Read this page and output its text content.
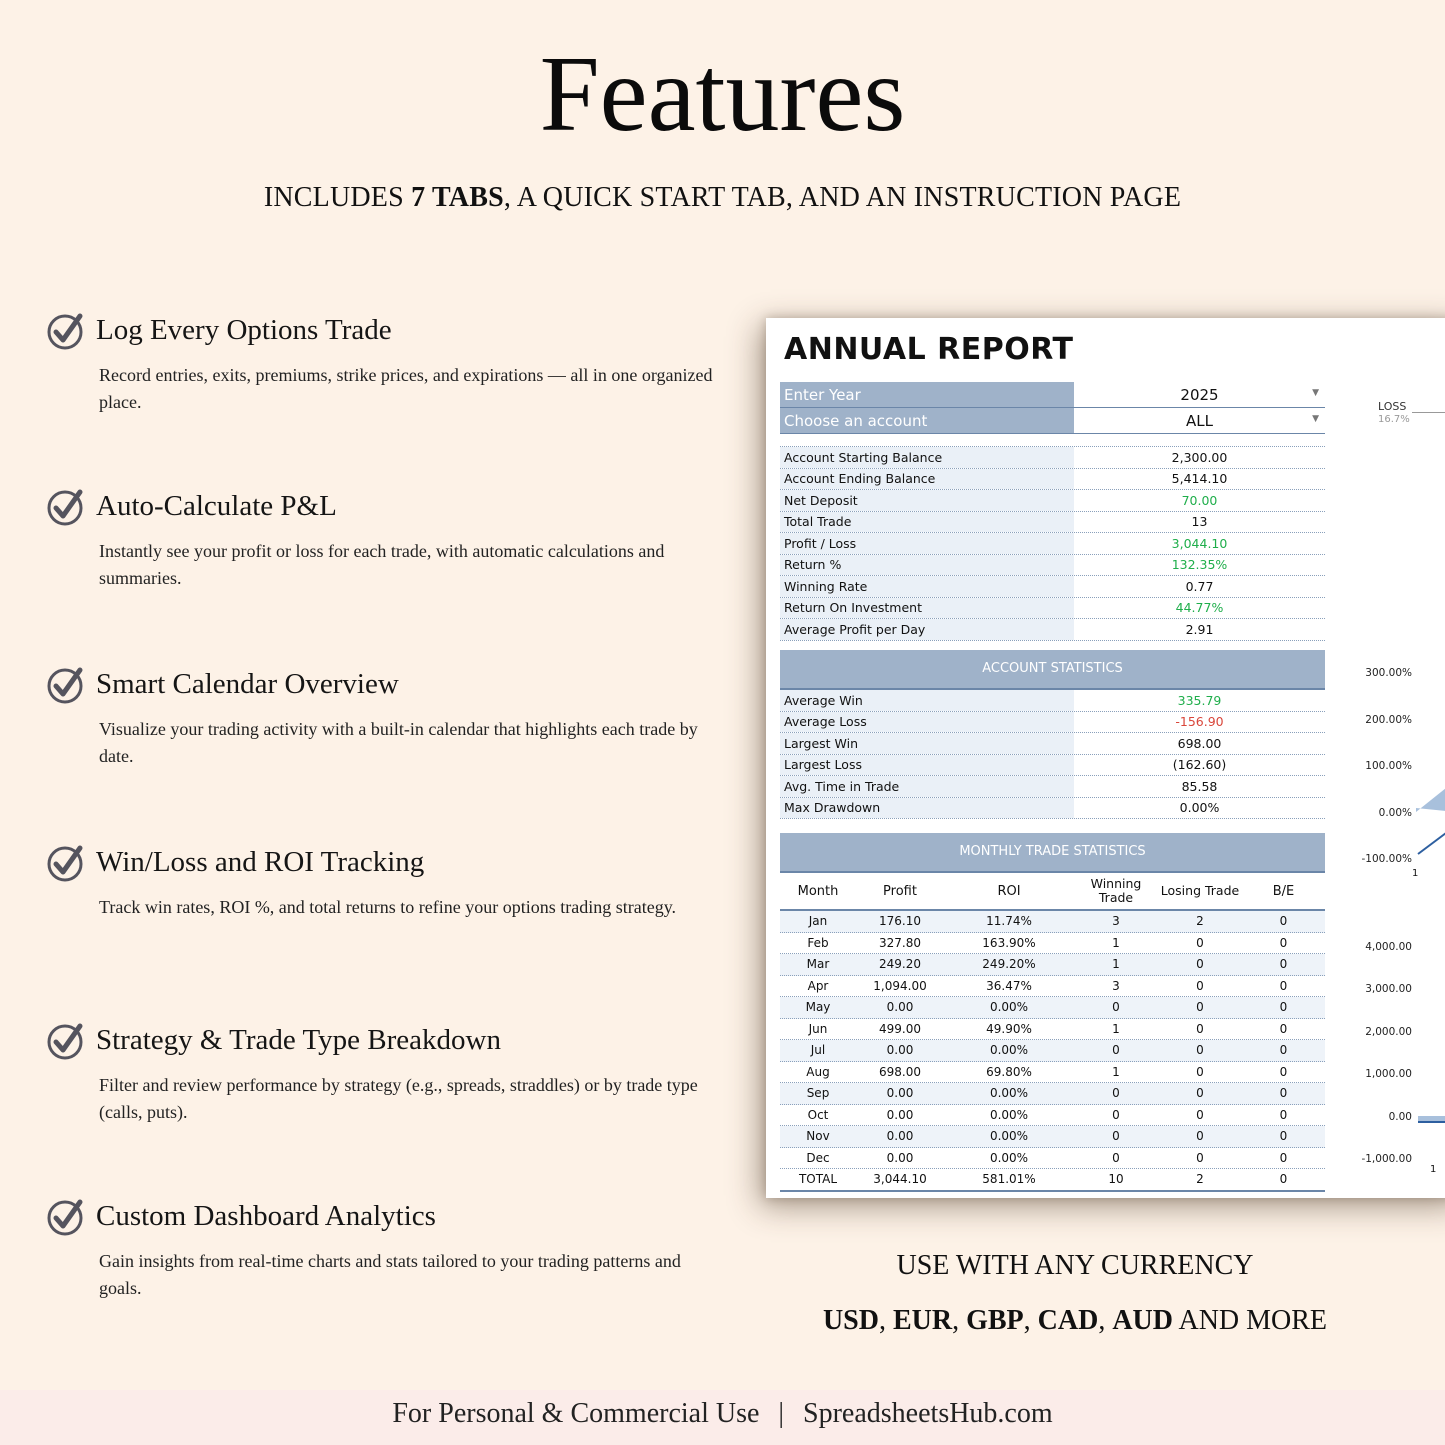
Features
INCLUDES 7 TABS, A QUICK START TAB, AND AN INSTRUCTION PAGE
Log Every Options Trade
Record entries, exits, premiums, strike prices, and expirations — all in one organized place.
Auto-Calculate P&L
Instantly see your profit or loss for each trade, with automatic calculations and summaries.
Smart Calendar Overview
Visualize your trading activity with a built-in calendar that highlights each trade by date.
Win/Loss and ROI Tracking
Track win rates, ROI %, and total returns to refine your options trading strategy.
Strategy & Trade Type Breakdown
Filter and review performance by strategy (e.g., spreads, straddles) or by trade type (calls, puts).
Custom Dashboard Analytics
Gain insights from real-time charts and stats tailored to your trading patterns and goals.
ANNUAL REPORT
Enter Year	2025	▼
Choose an account	ALL	▼
Account Starting Balance	2,300.00
Account Ending Balance	5,414.10
Net Deposit	70.00
Total Trade	13
Profit / Loss	3,044.10
Return %	132.35%
Winning Rate	0.77
Return On Investment	44.77%
Average Profit per Day	2.91
ACCOUNT STATISTICS
Average Win	335.79
Average Loss	-156.90
Largest Win	698.00
Largest Loss	(162.60)
Avg. Time in Trade	85.58
Max Drawdown	0.00%
MONTHLY TRADE STATISTICS
Month	Profit	ROI	Winning Trade	Losing Trade	B/E
Jan	176.10	11.74%	3	2	0
Feb	327.80	163.90%	1	0	0
Mar	249.20	249.20%	1	0	0
Apr	1,094.00	36.47%	3	0	0
May	0.00	0.00%	0	0	0
Jun	499.00	49.90%	1	0	0
Jul	0.00	0.00%	0	0	0
Aug	698.00	69.80%	1	0	0
Sep	0.00	0.00%	0	0	0
Oct	0.00	0.00%	0	0	0
Nov	0.00	0.00%	0	0	0
Dec	0.00	0.00%	0	0	0
TOTAL	3,044.10	581.01%	10	2	0
LOSS
16.7%
300.00%
200.00%
100.00%
0.00%
-100.00%
1
4,000.00
3,000.00
2,000.00
1,000.00
0.00
-1,000.00
1
USE WITH ANY CURRENCY
USD, EUR, GBP, CAD, AUD AND MORE
For Personal & Commercial Use | SpreadsheetsHub.com
